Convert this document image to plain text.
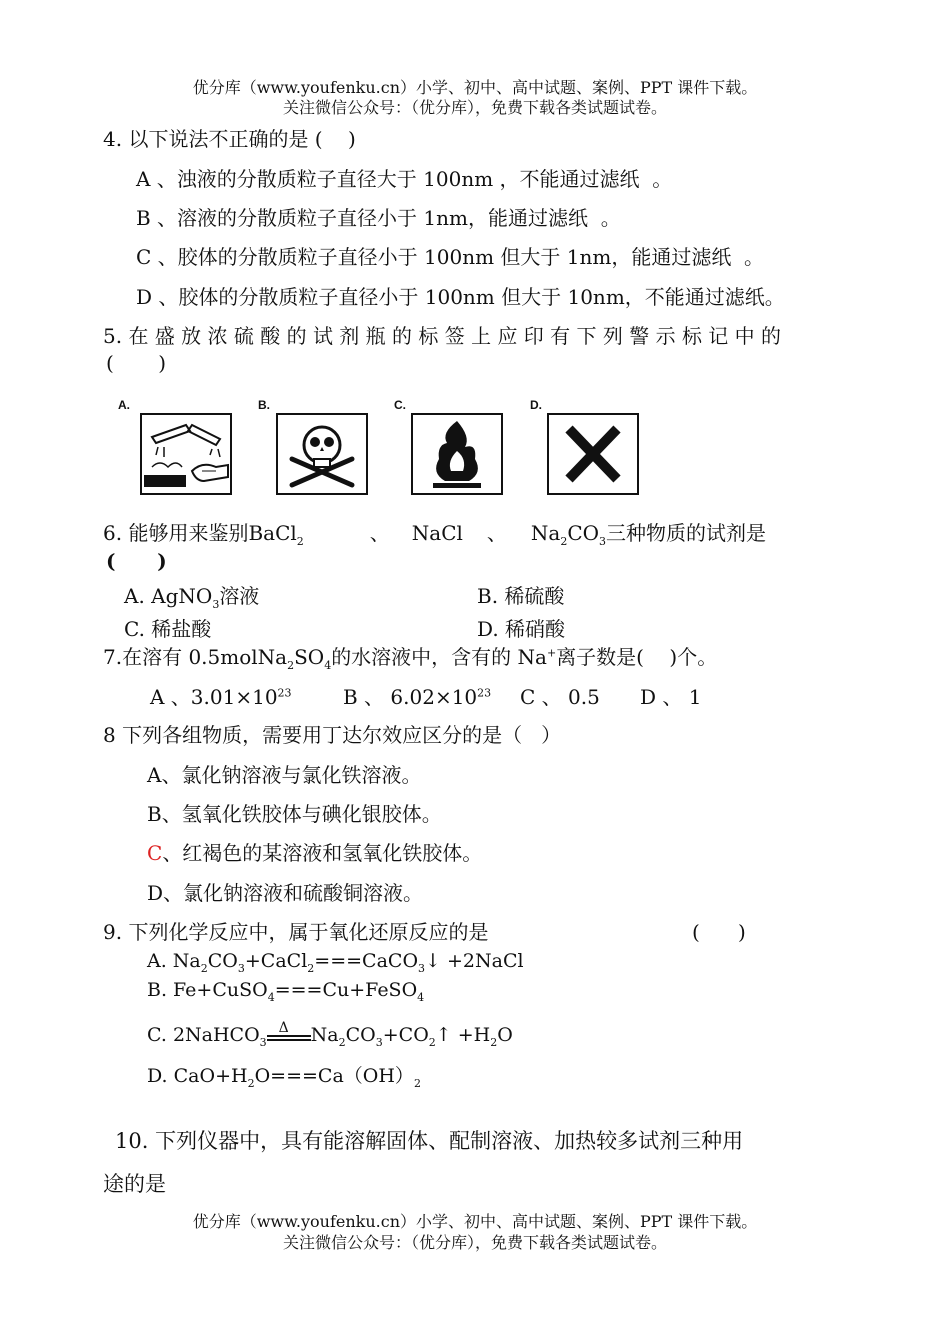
优分库（www.youfenku.cn）小学、初中、高中试题、案例、PPT 课件下载。
关注微信公众号：（优分库），免费下载各类试题试卷。
4. 以下说法不正确的是 (    )
A 、浊液的分散质粒子直径大于 100nm ，不能通过滤纸  。
B 、溶液的分散质粒子直径小于 1nm，能通过滤纸  。
C 、胶体的分散质粒子直径小于 100nm 但大于 1nm，能通过滤纸  。
D 、胶体的分散质粒子直径小于 100nm 但大于 10nm，不能通过滤纸。
5. 在 盛 放 浓 硫 酸 的 试 剂 瓶 的 标 签 上 应 印 有 下 列 警 示 标 记 中 的
(       )
A.	B.	C.	D.
6. 能够用来鉴别BaCl$_2$	、 NaCl 、 $Na_2CO_3$三种物质的试剂是
(      )
A. AgNO$_3$溶液	B. 稀硫酸
C. 稀盐酸	D. 稀硝酸
7.在溶有 $0.5molNa_2SO_4$的水溶液中，含有的 Na+离子数是(    )个。
A 、$3.01\times 10^{23}$	B 、 $6.02\times 10^{23}$ C 、 0.5 D 、 1
8 下列各组物质，需要用丁达尔效应区分的是（   ）
A、氯化钠溶液与氯化铁溶液。
B、氢氧化铁胶体与碘化银胶体。
C、红褐色的某溶液和氢氧化铁胶体。
D、氯化钠溶液和硫酸铜溶液。
9. 下列化学反应中，属于氧化还原反应的是	(      )
A. $Na_2CO_3+CaCl_2===CaCO_3↓$ +2NaCl
B. Fe+CuSO$_4$===Cu+FeSO$_4$
C. 2NaHCO$_3$
Δ $Na_2CO_3+CO_2↑ +H_2O$
D. $CaO+H_2O===Ca(OH)_2$
10. 下列仪器中，具有能溶解固体、配制溶液、加热较多试剂三种用
途的是
优分库（www.youfenku.cn）小学、初中、高中试题、案例、PPT 课件下载。
关注微信公众号：（优分库），免费下载各类试题试卷。
